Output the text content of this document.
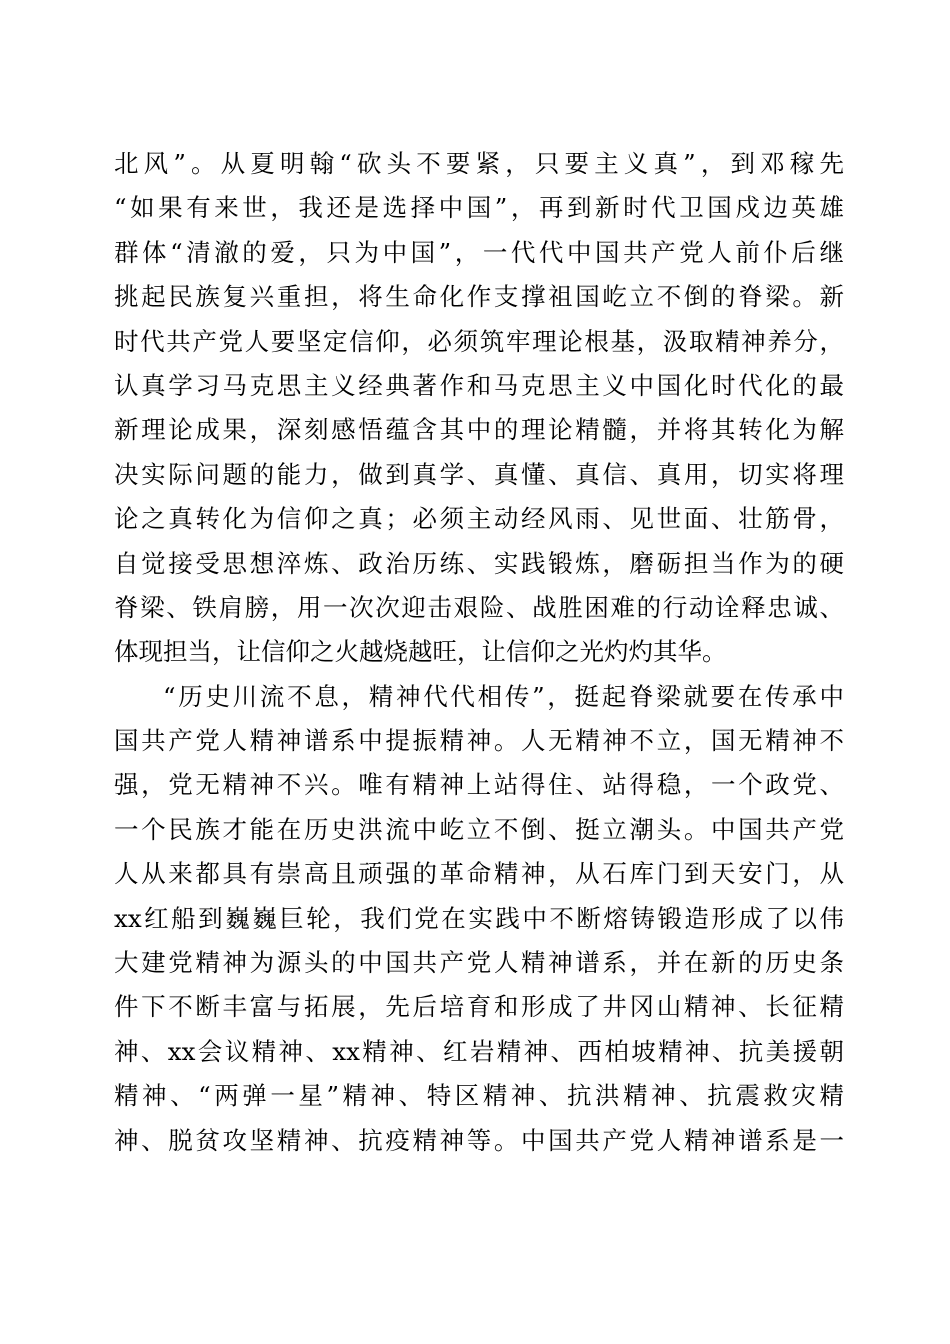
北风”。从夏明翰“砍头不要紧，只要主义真”，到邓稼先
“如果有来世，我还是选择中国”，再到新时代卫国戍边英雄
群体“清澈的爱，只为中国”，一代代中国共产党人前仆后继
挑起民族复兴重担，将生命化作支撑祖国屹立不倒的脊梁。新
时代共产党人要坚定信仰，必须筑牢理论根基，汲取精神养分，
认真学习马克思主义经典著作和马克思主义中国化时代化的最
新理论成果，深刻感悟蕴含其中的理论精髓，并将其转化为解
决实际问题的能力，做到真学、真懂、真信、真用，切实将理
论之真转化为信仰之真；必须主动经风雨、见世面、壮筋骨，
自觉接受思想淬炼、政治历练、实践锻炼，磨砺担当作为的硬
脊梁、铁肩膀，用一次次迎击艰险、战胜困难的行动诠释忠诚、
体现担当，让信仰之火越烧越旺，让信仰之光灼灼其华。
“历史川流不息，精神代代相传”，挺起脊梁就要在传承中
国共产党人精神谱系中提振精神。人无精神不立，国无精神不
强，党无精神不兴。唯有精神上站得住、站得稳，一个政党、
一个民族才能在历史洪流中屹立不倒、挺立潮头。中国共产党
人从来都具有崇高且顽强的革命精神，从石库门到天安门，从
xx红船到巍巍巨轮，我们党在实践中不断熔铸锻造形成了以伟
大建党精神为源头的中国共产党人精神谱系，并在新的历史条
件下不断丰富与拓展，先后培育和形成了井冈山精神、长征精
神、xx会议精神、xx精神、红岩精神、西柏坡精神、抗美援朝
精神、“两弹一星”精神、特区精神、抗洪精神、抗震救灾精
神、脱贫攻坚精神、抗疫精神等。中国共产党人精神谱系是一
